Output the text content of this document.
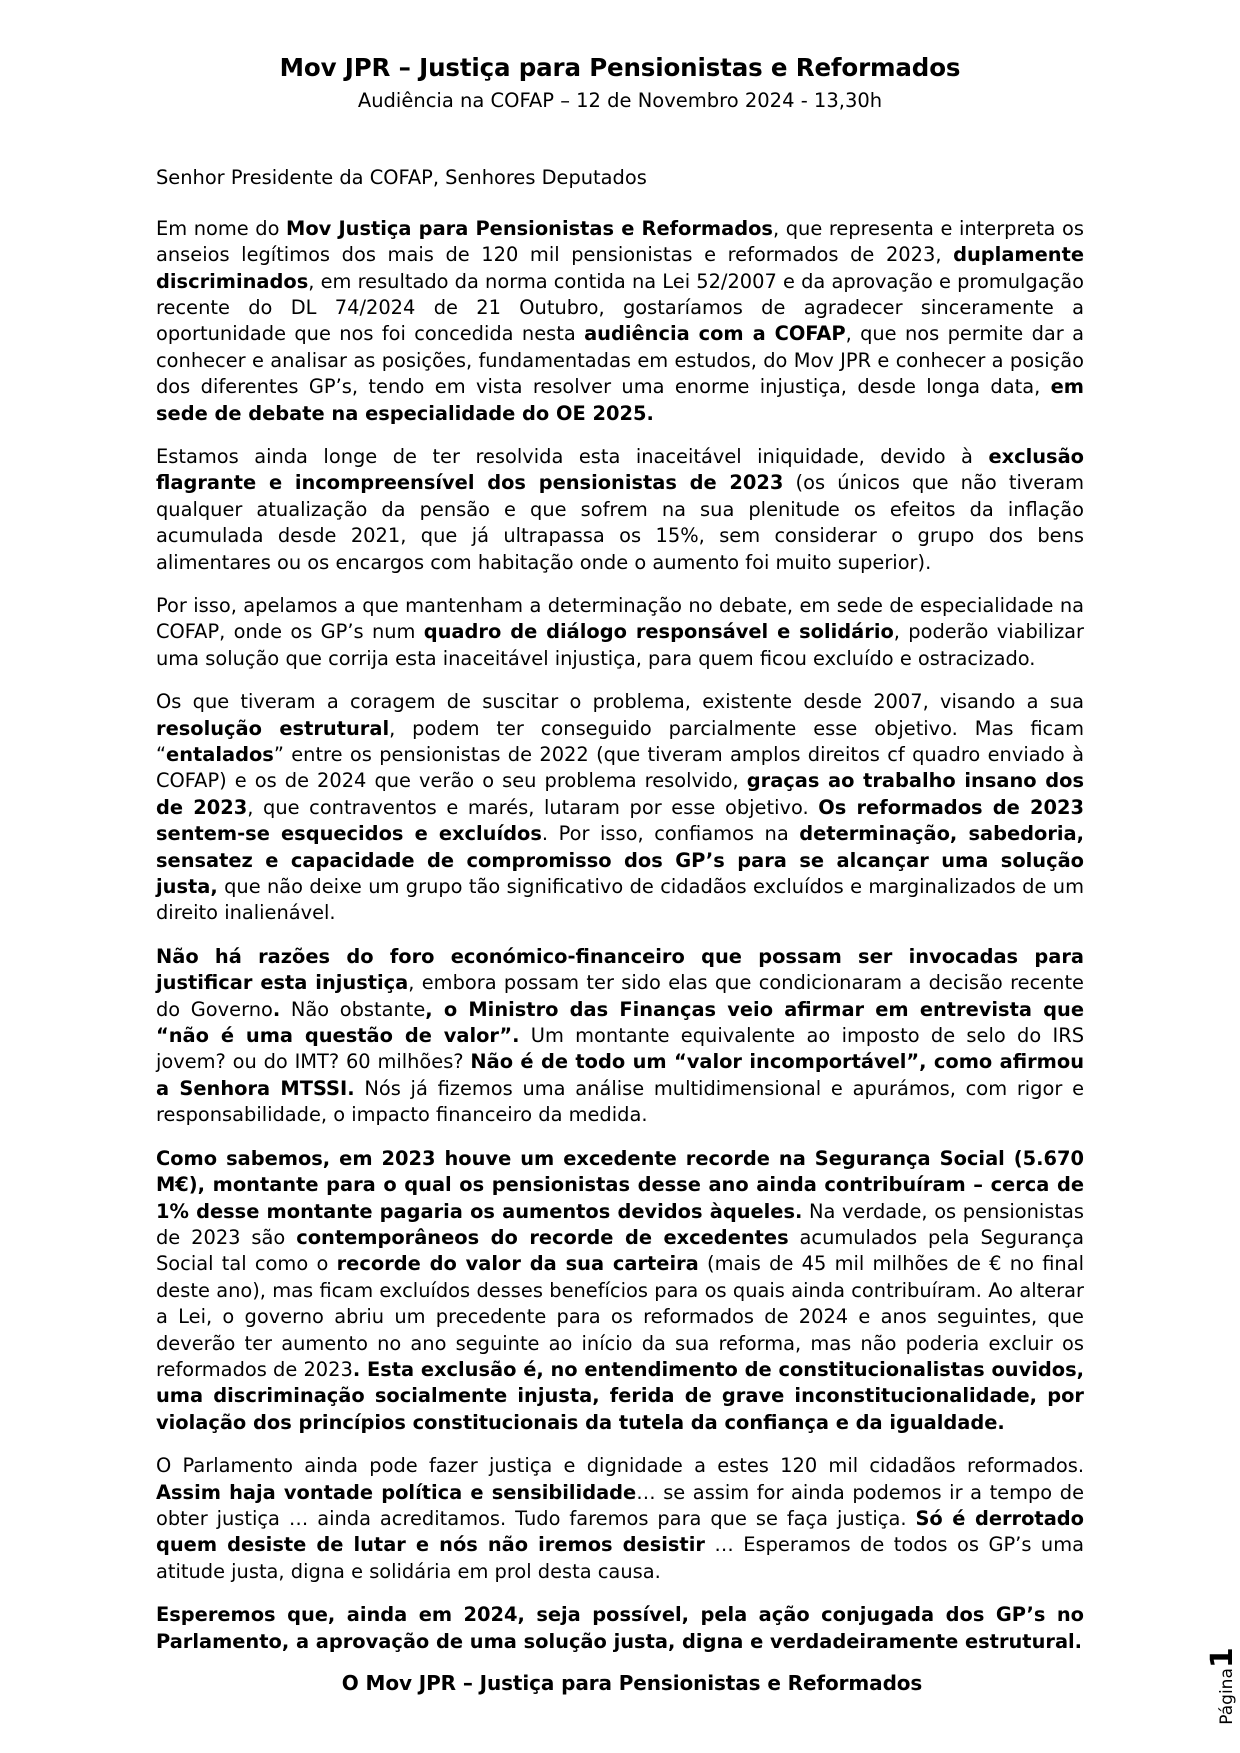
Mov JPR – Justiça para Pensionistas e Reformados
Audiência na COFAP – 12 de Novembro 2024 - 13,30h

Senhor Presidente da COFAP, Senhores Deputados

Em nome do Mov Justiça para Pensionistas e Reformados, que representa e interpreta os anseios legítimos dos mais de 120 mil pensionistas e reformados de 2023, duplamente discriminados, em resultado da norma contida na Lei 52/2007 e da aprovação e promulgação recente do DL 74/2024 de 21 Outubro, gostaríamos de agradecer sinceramente a oportunidade que nos foi concedida nesta audiência com a COFAP, que nos permite dar a conhecer e analisar as posições, fundamentadas em estudos, do Mov JPR e conhecer a posição dos diferentes GP’s, tendo em vista resolver uma enorme injustiça, desde longa data, em sede de debate na especialidade do OE 2025.

Estamos ainda longe de ter resolvida esta inaceitável iniquidade, devido à exclusão flagrante e incompreensível dos pensionistas de 2023 (os únicos que não tiveram qualquer atualização da pensão e que sofrem na sua plenitude os efeitos da inflação acumulada desde 2021, que já ultrapassa os 15%, sem considerar o grupo dos bens alimentares ou os encargos com habitação onde o aumento foi muito superior).

Por isso, apelamos a que mantenham a determinação no debate, em sede de especialidade na COFAP, onde os GP’s num quadro de diálogo responsável e solidário, poderão viabilizar uma solução que corrija esta inaceitável injustiça, para quem ficou excluído e ostracizado.

Os que tiveram a coragem de suscitar o problema, existente desde 2007, visando a sua resolução estrutural, podem ter conseguido parcialmente esse objetivo. Mas ficam “entalados” entre os pensionistas de 2022 (que tiveram amplos direitos cf quadro enviado à COFAP) e os de 2024 que verão o seu problema resolvido, graças ao trabalho insano dos de 2023, que contraventos e marés, lutaram por esse objetivo. Os reformados de 2023 sentem-se esquecidos e excluídos. Por isso, confiamos na determinação, sabedoria, sensatez e capacidade de compromisso dos GP’s para se alcançar uma solução justa, que não deixe um grupo tão significativo de cidadãos excluídos e marginalizados de um direito inalienável.

Não há razões do foro económico-financeiro que possam ser invocadas para justificar esta injustiça, embora possam ter sido elas que condicionaram a decisão recente do Governo. Não obstante, o Ministro das Finanças veio afirmar em entrevista que “não é uma questão de valor”. Um montante equivalente ao imposto de selo do IRS jovem? ou do IMT? 60 milhões? Não é de todo um “valor incomportável”, como afirmou a Senhora MTSSI. Nós já fizemos uma análise multidimensional e apurámos, com rigor e responsabilidade, o impacto financeiro da medida.

Como sabemos, em 2023 houve um excedente recorde na Segurança Social (5.670 M€), montante para o qual os pensionistas desse ano ainda contribuíram – cerca de 1% desse montante pagaria os aumentos devidos àqueles. Na verdade, os pensionistas de 2023 são contemporâneos do recorde de excedentes acumulados pela Segurança Social tal como o recorde do valor da sua carteira (mais de 45 mil milhões de € no final deste ano), mas ficam excluídos desses benefícios para os quais ainda contribuíram. Ao alterar a Lei, o governo abriu um precedente para os reformados de 2024 e anos seguintes, que deverão ter aumento no ano seguinte ao início da sua reforma, mas não poderia excluir os reformados de 2023. Esta exclusão é, no entendimento de constitucionalistas ouvidos, uma discriminação socialmente injusta, ferida de grave inconstitucionalidade, por violação dos princípios constitucionais da tutela da confiança e da igualdade.

O Parlamento ainda pode fazer justiça e dignidade a estes 120 mil cidadãos reformados. Assim haja vontade política e sensibilidade… se assim for ainda podemos ir a tempo de obter justiça … ainda acreditamos. Tudo faremos para que se faça justiça. Só é derrotado quem desiste de lutar e nós não iremos desistir … Esperamos de todos os GP’s uma atitude justa, digna e solidária em prol desta causa.

Esperemos que, ainda em 2024, seja possível, pela ação conjugada dos GP’s no Parlamento, a aprovação de uma solução justa, digna e verdadeiramente estrutural.

O Mov JPR – Justiça para Pensionistas e Reformados	Página1
